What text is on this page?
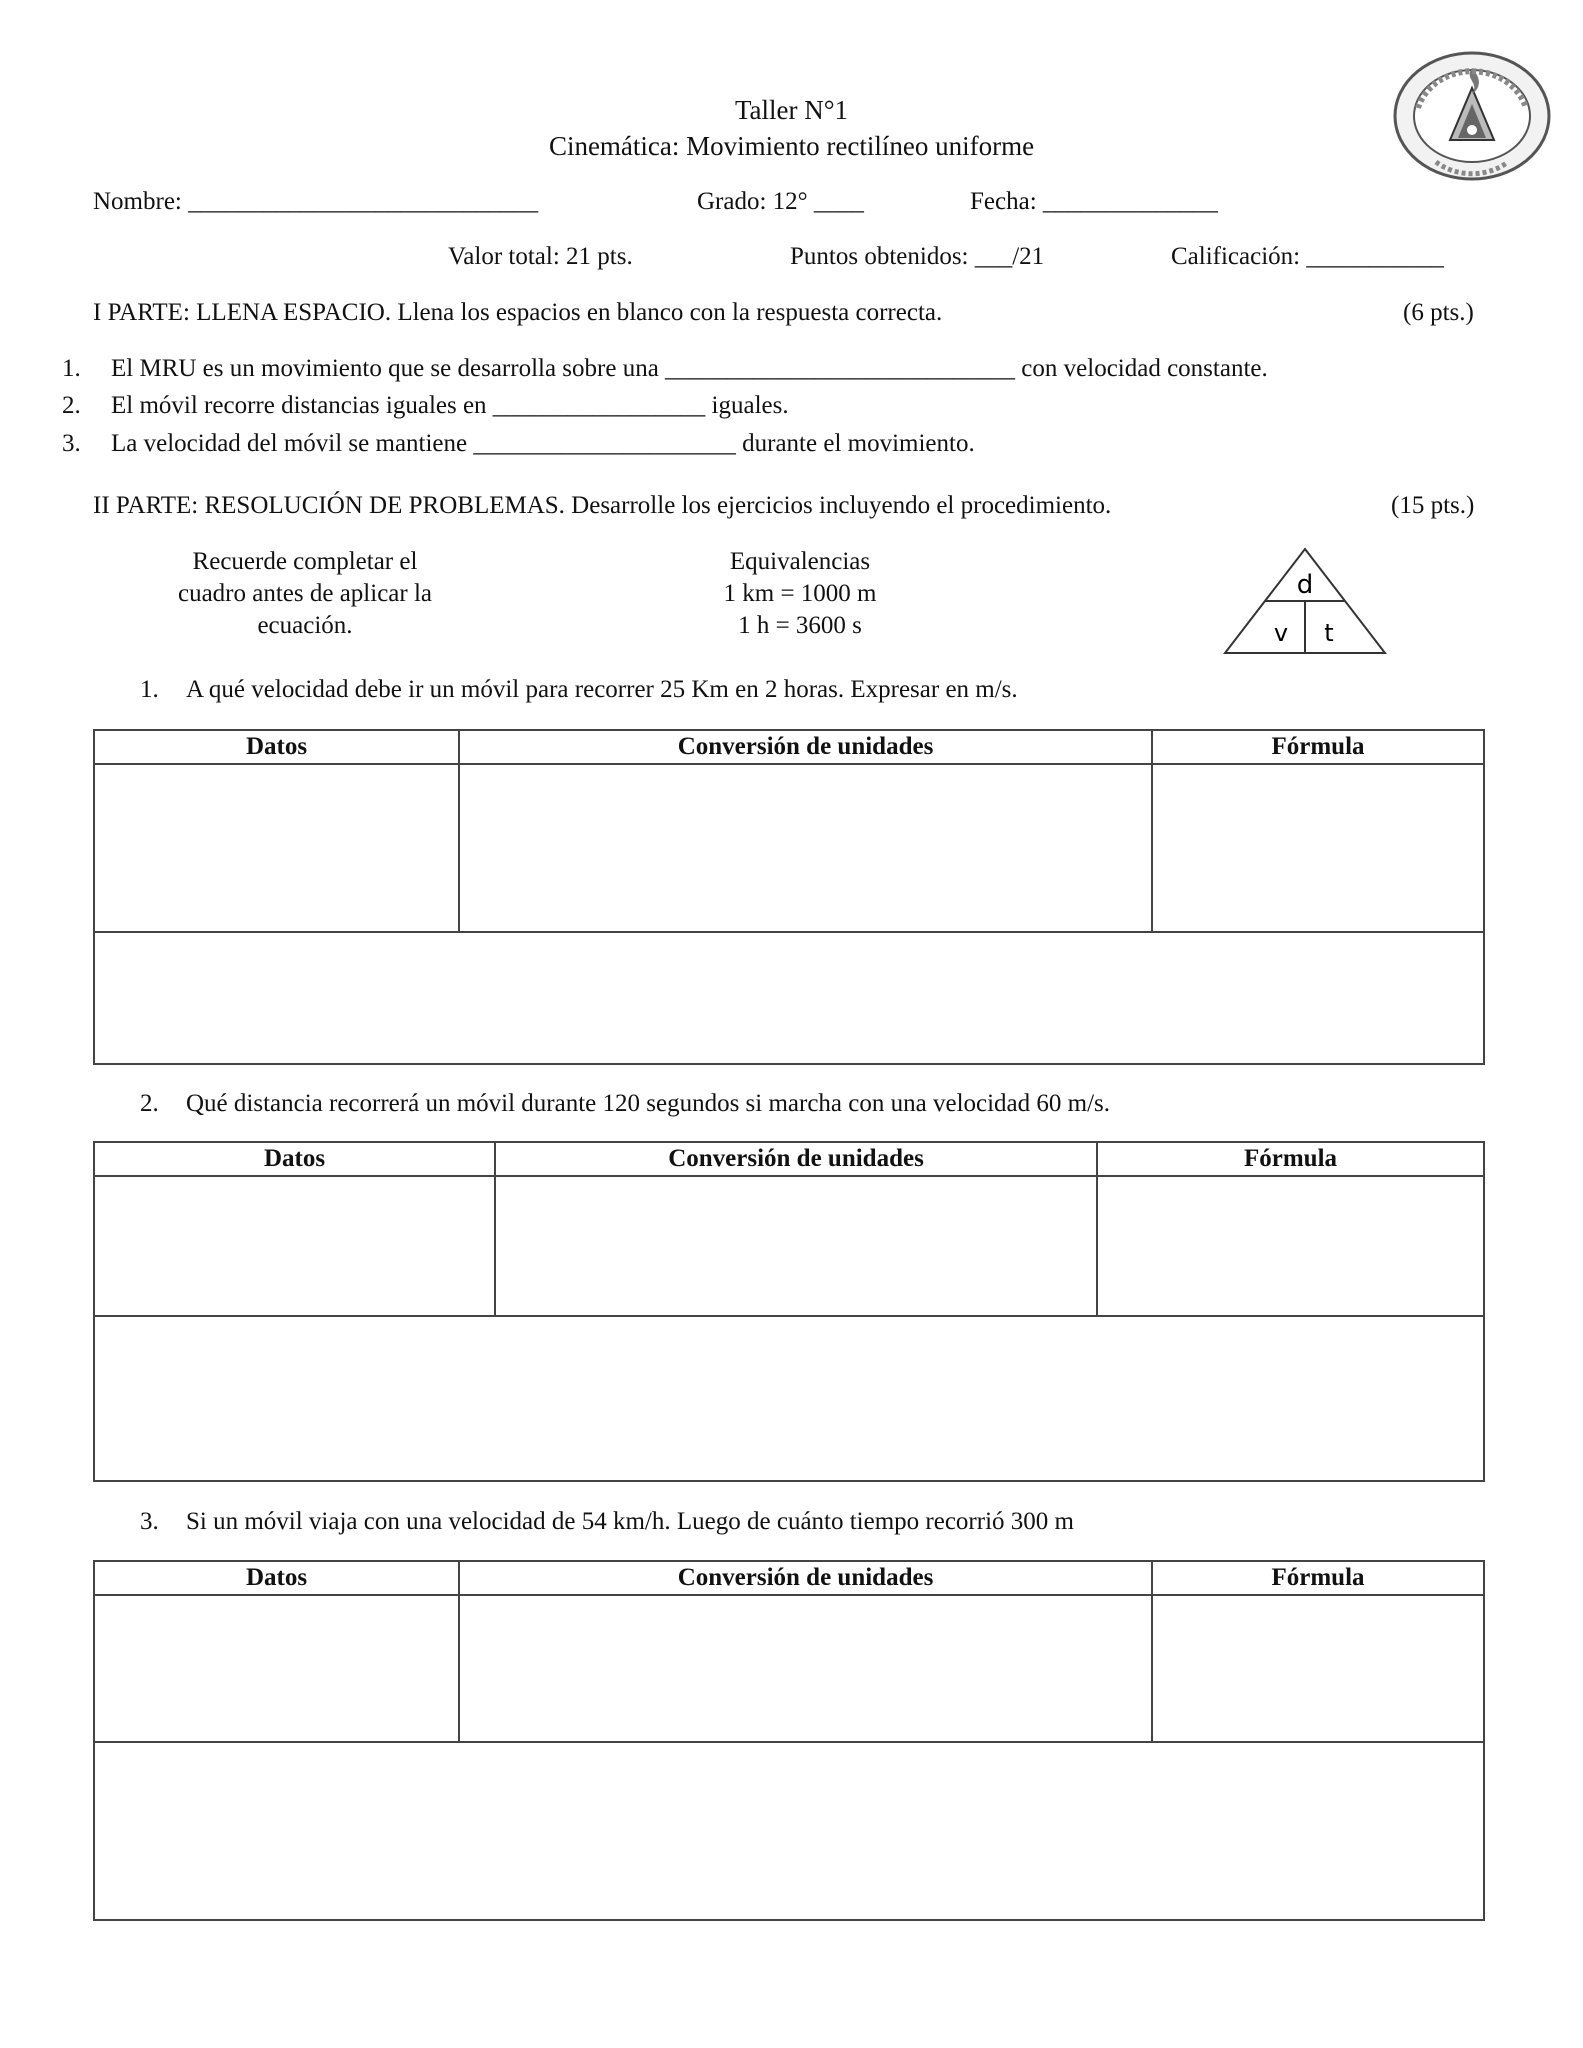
Taller N°1
Cinemática: Movimiento rectilíneo uniforme
Nombre: ____________________________	Grado: 12° ____	Fecha: ______________
Valor total: 21 pts.	Puntos obtenidos: ___/21	Calificación: ___________
I PARTE: LLENA ESPACIO. Llena los espacios en blanco con la respuesta correcta.	(6 pts.)
1. El MRU es un movimiento que se desarrolla sobre una ____________________________ con velocidad constante.
2. El móvil recorre distancias iguales en _________________ iguales.
3. La velocidad del móvil se mantiene _____________________ durante el movimiento.
II PARTE: RESOLUCIÓN DE PROBLEMAS. Desarrolle los ejercicios incluyendo el procedimiento.	(15 pts.)
Recuerde completar el
cuadro antes de aplicar la
ecuación.
Equivalencias
1 km = 1000 m
1 h = 3600 s
d
v t
1. A qué velocidad debe ir un móvil para recorrer 25 Km en 2 horas. Expresar en m/s.
Datos	Conversión de unidades	Fórmula

2. Qué distancia recorrerá un móvil durante 120 segundos si marcha con una velocidad 60 m/s.
Datos	Conversión de unidades	Fórmula

3. Si un móvil viaja con una velocidad de 54 km/h. Luego de cuánto tiempo recorrió 300 m
Datos	Conversión de unidades	Fórmula
